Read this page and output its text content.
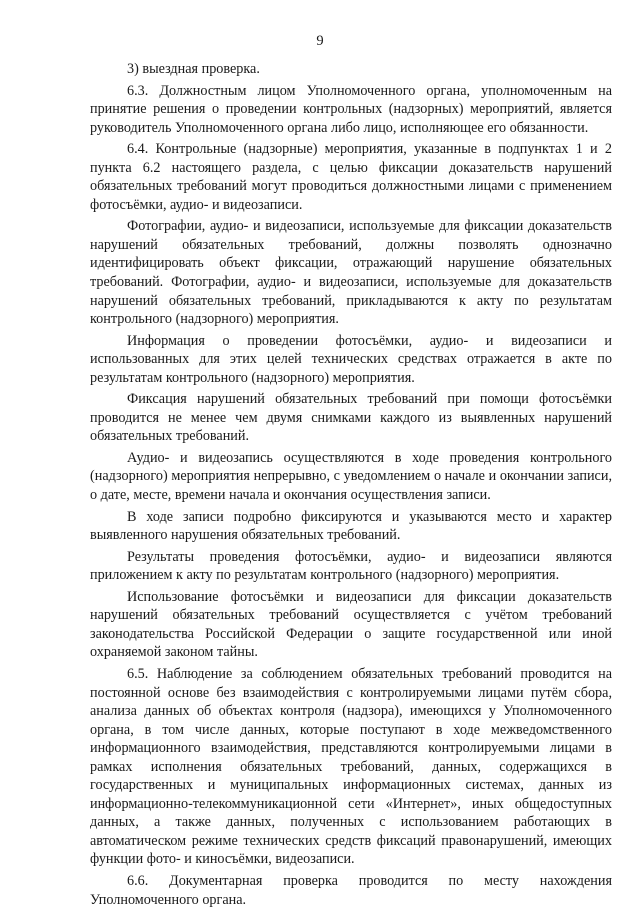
9

3) выездная проверка.

6.3. Должностным лицом Уполномоченного органа, уполномоченным на принятие решения о проведении контрольных (надзорных) мероприятий, является руководитель Уполномоченного органа либо лицо, исполняющее его обязанности.

6.4. Контрольные (надзорные) мероприятия, указанные в подпунктах 1 и 2 пункта 6.2 настоящего раздела, с целью фиксации доказательств нарушений обязательных требований могут проводиться должностными лицами с применением фотосъёмки, аудио- и видеозаписи.

Фотографии, аудио- и видеозаписи, используемые для фиксации доказательств нарушений обязательных требований, должны позволять однозначно идентифицировать объект фиксации, отражающий нарушение обязательных требований. Фотографии, аудио- и видеозаписи, используемые для доказательств нарушений обязательных требований, прикладываются к акту по результатам контрольного (надзорного) мероприятия.

Информация о проведении фотосъёмки, аудио- и видеозаписи и использованных для этих целей технических средствах отражается в акте по результатам контрольного (надзорного) мероприятия.

Фиксация нарушений обязательных требований при помощи фотосъёмки проводится не менее чем двумя снимками каждого из выявленных нарушений обязательных требований.

Аудио- и видеозапись осуществляются в ходе проведения контрольного (надзорного) мероприятия непрерывно, с уведомлением о начале и окончании записи, о дате, месте, времени начала и окончания осуществления записи.

В ходе записи подробно фиксируются и указываются место и характер выявленного нарушения обязательных требований.

Результаты проведения фотосъёмки, аудио- и видеозаписи являются приложением к акту по результатам контрольного (надзорного) мероприятия.

Использование фотосъёмки и видеозаписи для фиксации доказательств нарушений обязательных требований осуществляется с учётом требований законодательства Российской Федерации о защите государственной или иной охраняемой законом тайны.

6.5. Наблюдение за соблюдением обязательных требований проводится на постоянной основе без взаимодействия с контролируемыми лицами путём сбора, анализа данных об объектах контроля (надзора), имеющихся у Уполномоченного органа, в том числе данных, которые поступают в ходе межведомственного информационного взаимодействия, представляются контролируемыми лицами в рамках исполнения обязательных требований, данных, содержащихся в государственных и муниципальных информационных системах, данных из информационно-телекоммуникационной сети «Интернет», иных общедоступных данных, а также данных, полученных с использованием работающих в автоматическом режиме технических средств фиксаций правонарушений, имеющих функции фото- и киносъёмки, видеозаписи.

6.6. Документарная проверка проводится по месту нахождения Уполномоченного органа.
